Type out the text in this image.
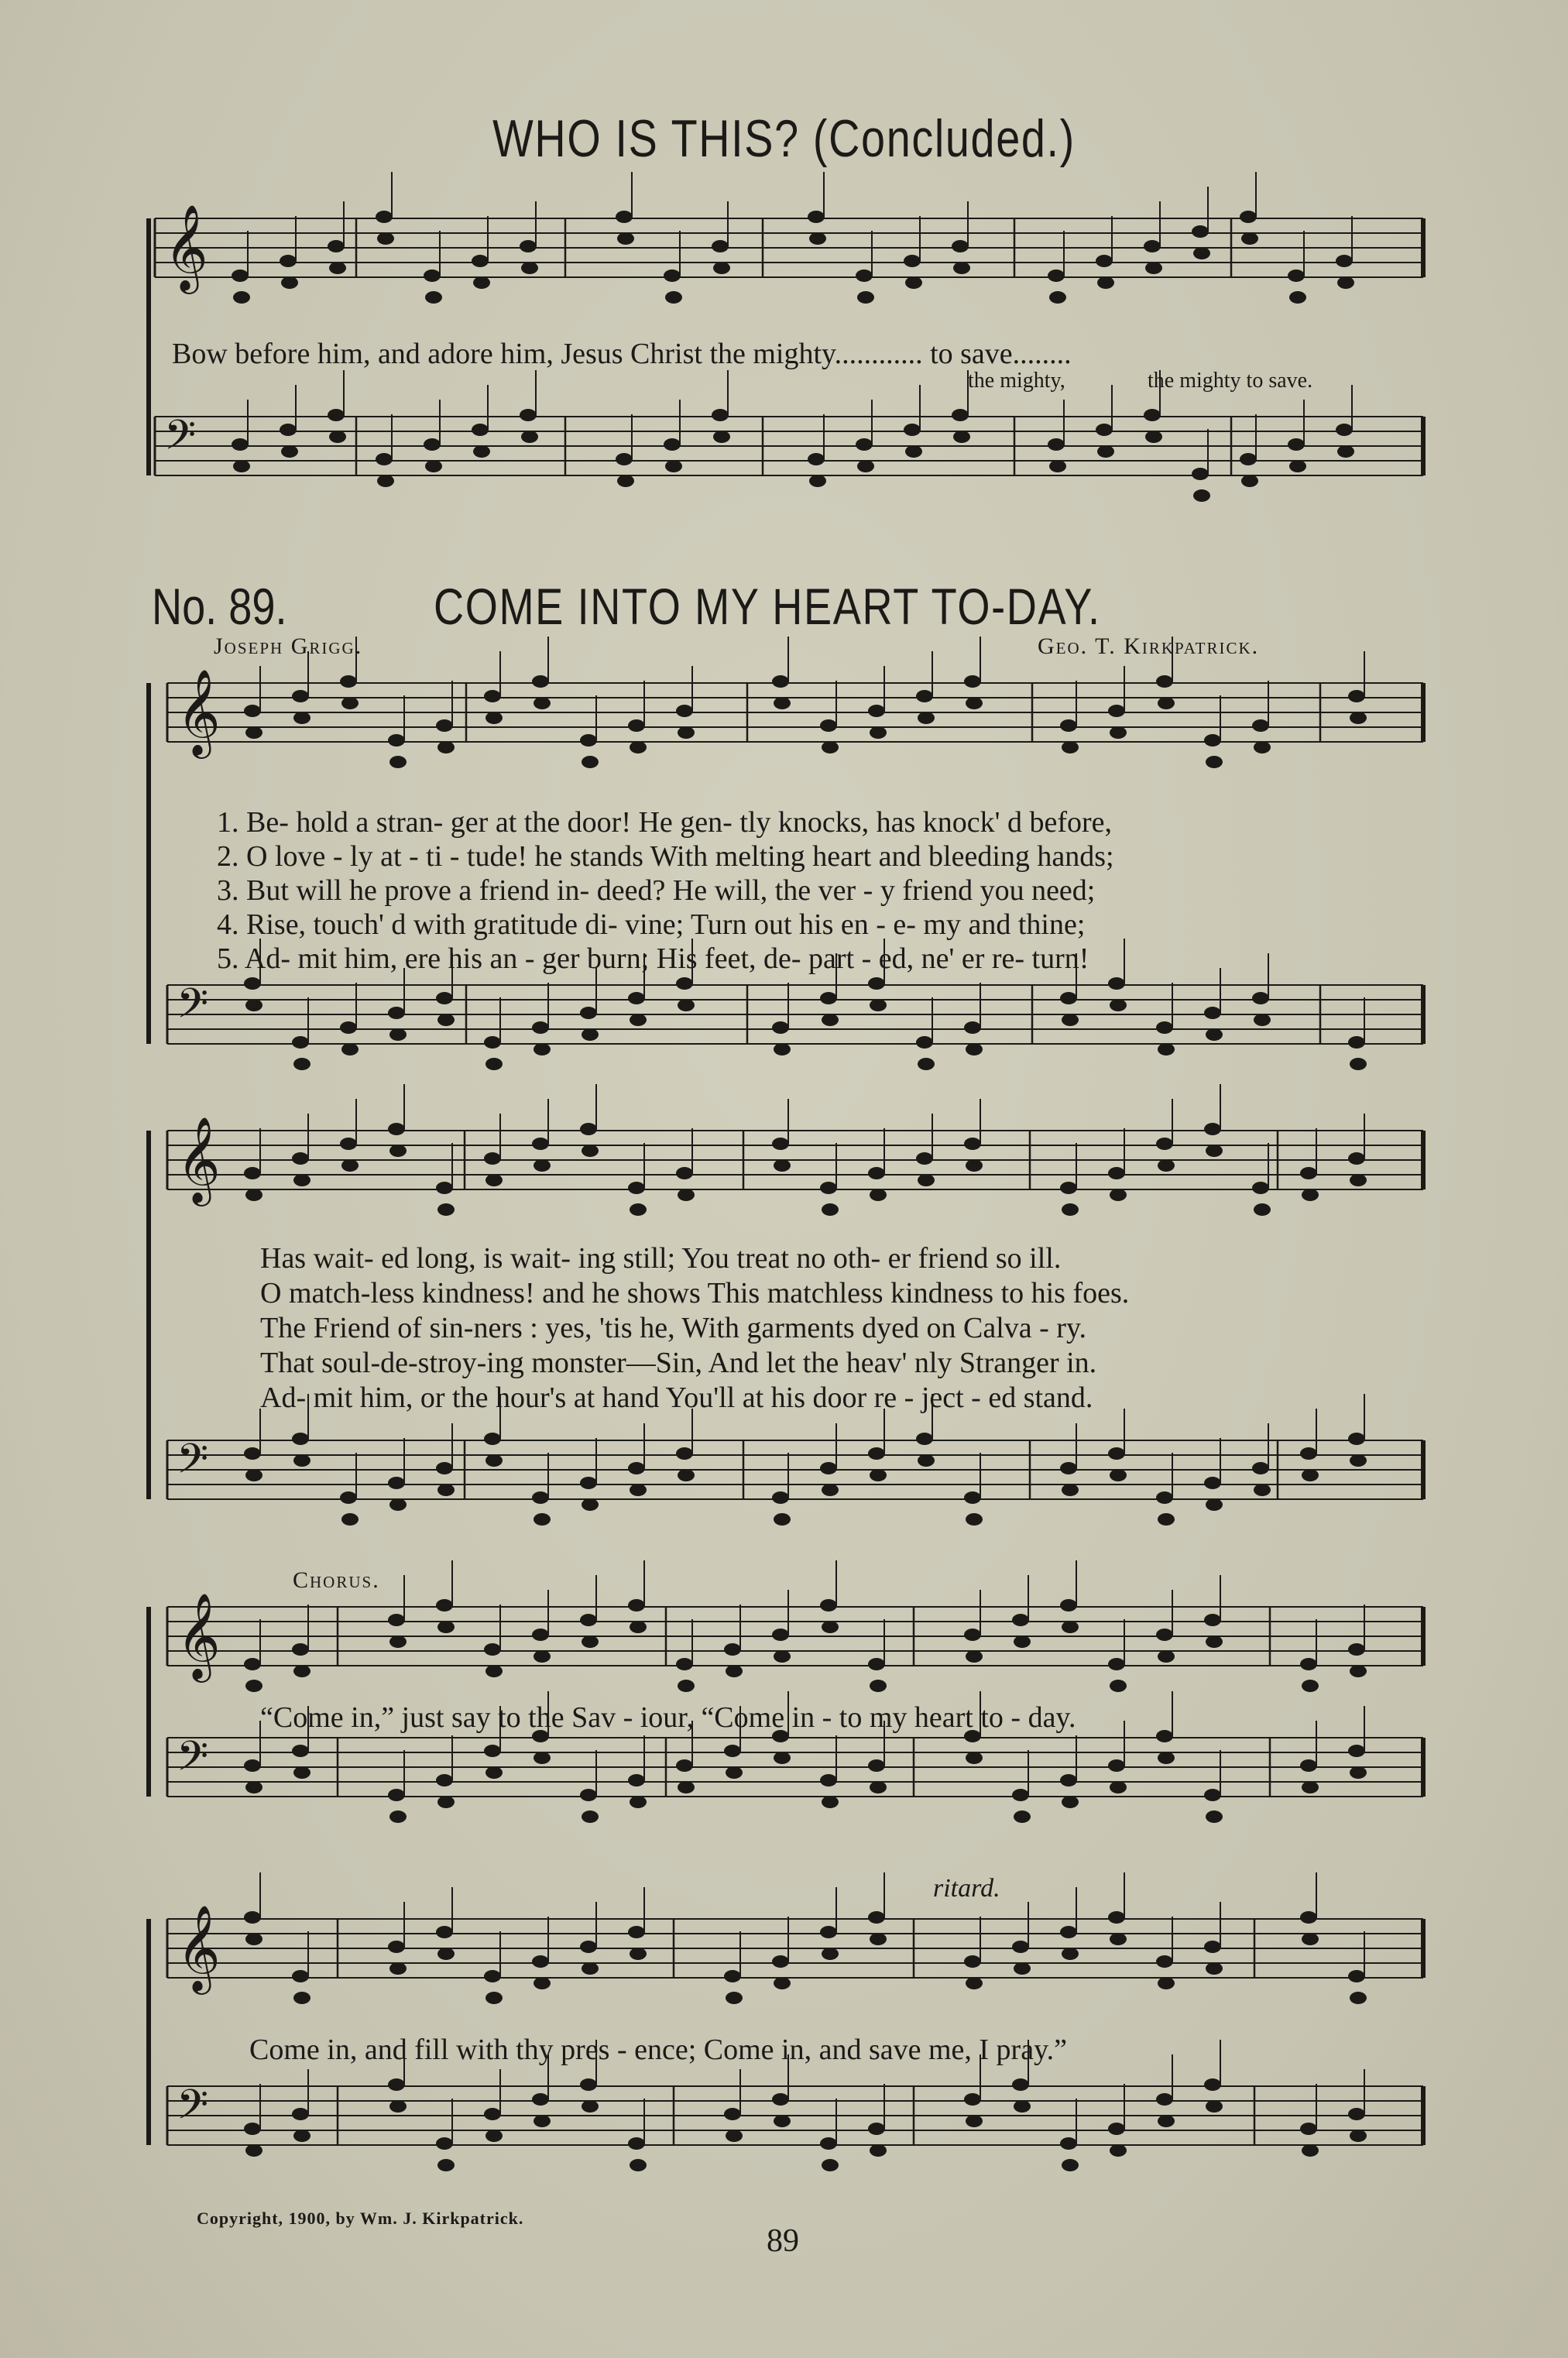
WHO IS THIS? (Concluded.)
No. 89.	COME INTO MY HEART TO-DAY.
Joseph Grigg.	Geo. T. Kirkpatrick.
𝄞
𝄢
𝄞
𝄢
𝄞
𝄢
𝄞
𝄢
𝄞
𝄢
Bow before him, and adore him, Jesus Christ the mighty............ to save........
the mighty,	the mighty to save.
1. Be- hold a stran- ger at the door! He gen- tly knocks, has knock' d before,
2. O love - ly at - ti - tude! he stands With melting heart and bleeding hands;
3. But will he prove a friend in- deed? He will, the ver - y friend you need;
4. Rise, touch' d with gratitude di- vine; Turn out his en - e- my and thine;
5. Ad- mit him, ere his an - ger burn; His feet, de- part - ed, ne' er re- turn!
Has wait- ed long, is wait- ing still; You treat no oth- er friend so ill.
O match-less kindness! and he shows This matchless kindness to his foes.
The Friend of sin-ners : yes, 'tis he, With garments dyed on Calva - ry.
That soul-de-stroy-ing monster—Sin, And let the heav' nly Stranger in.
Ad- mit him, or the hour's at hand You'll at his door re - ject - ed stand.
Chorus.
“Come in,” just say to the Sav - iour, “Come in - to my heart to - day.
ritard.
Come in, and fill with thy pres - ence; Come in, and save me, I pray.”
Copyright, 1900, by Wm. J. Kirkpatrick.
89
